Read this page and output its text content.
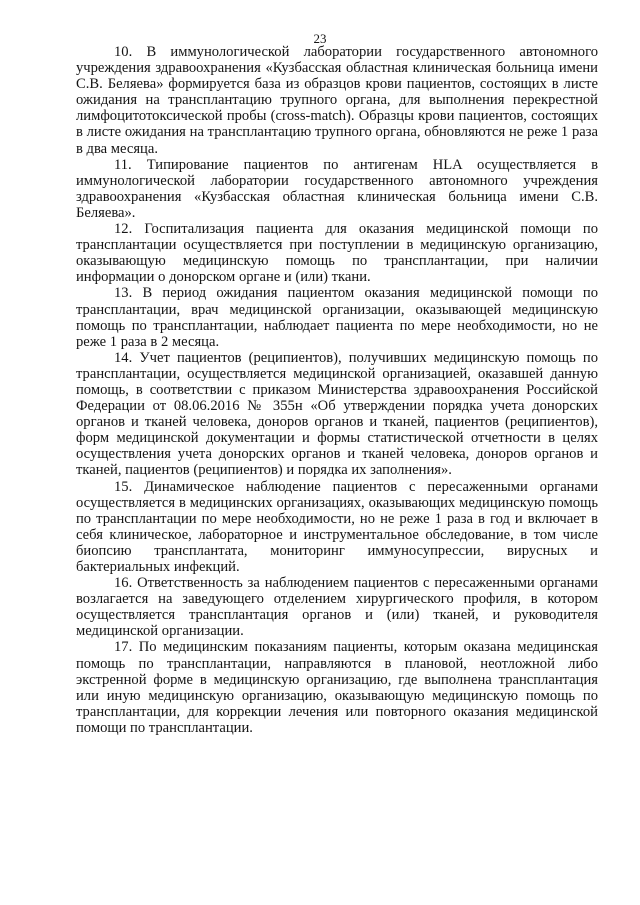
23

10. В иммунологической лаборатории государственного автономного учреждения здравоохранения «Кузбасская областная клиническая больница имени С.В. Беляева» формируется база из образцов крови пациентов, состоящих в листе ожидания на трансплантацию трупного органа, для выполнения перекрестной лимфоцитотоксической пробы (cross-match). Образцы крови пациентов, состоящих в листе ожидания на трансплантацию трупного органа, обновляются не реже 1 раза в два месяца.

11. Типирование пациентов по антигенам HLA осуществляется в иммунологической лаборатории государственного автономного учреждения здравоохранения «Кузбасская областная клиническая больница имени С.В. Беляева».

12. Госпитализация пациента для оказания медицинской помощи по трансплантации осуществляется при поступлении в медицинскую организацию, оказывающую медицинскую помощь по трансплантации, при наличии информации о донорском органе и (или) ткани.

13. В период ожидания пациентом оказания медицинской помощи по трансплантации, врач медицинской организации, оказывающей медицинскую помощь по трансплантации, наблюдает пациента по мере необходимости, но не реже 1 раза в 2 месяца.

14. Учет пациентов (реципиентов), получивших медицинскую помощь по трансплантации, осуществляется медицинской организацией, оказавшей данную помощь, в соответствии с приказом Министерства здравоохранения Российской Федерации от 08.06.2016 № 355н «Об утверждении порядка учета донорских органов и тканей человека, доноров органов и тканей, пациентов (реципиентов), форм медицинской документации и формы статистической отчетности в целях осуществления учета донорских органов и тканей человека, доноров органов и тканей, пациентов (реципиентов) и порядка их заполнения».

15. Динамическое наблюдение пациентов с пересаженными органами осуществляется в медицинских организациях, оказывающих медицинскую помощь по трансплантации по мере необходимости, но не реже 1 раза в год и включает в себя клиническое, лабораторное и инструментальное обследование, в том числе биопсию трансплантата, мониторинг иммуносупрессии, вирусных и бактериальных инфекций.

16. Ответственность за наблюдением пациентов с пересаженными органами возлагается на заведующего отделением хирургического профиля, в котором осуществляется трансплантация органов и (или) тканей, и руководителя медицинской организации.

17. По медицинским показаниям пациенты, которым оказана медицинская помощь по трансплантации, направляются в плановой, неотложной либо экстренной форме в медицинскую организацию, где выполнена трансплантация или иную медицинскую организацию, оказывающую медицинскую помощь по трансплантации, для коррекции лечения или повторного оказания медицинской помощи по трансплантации.
